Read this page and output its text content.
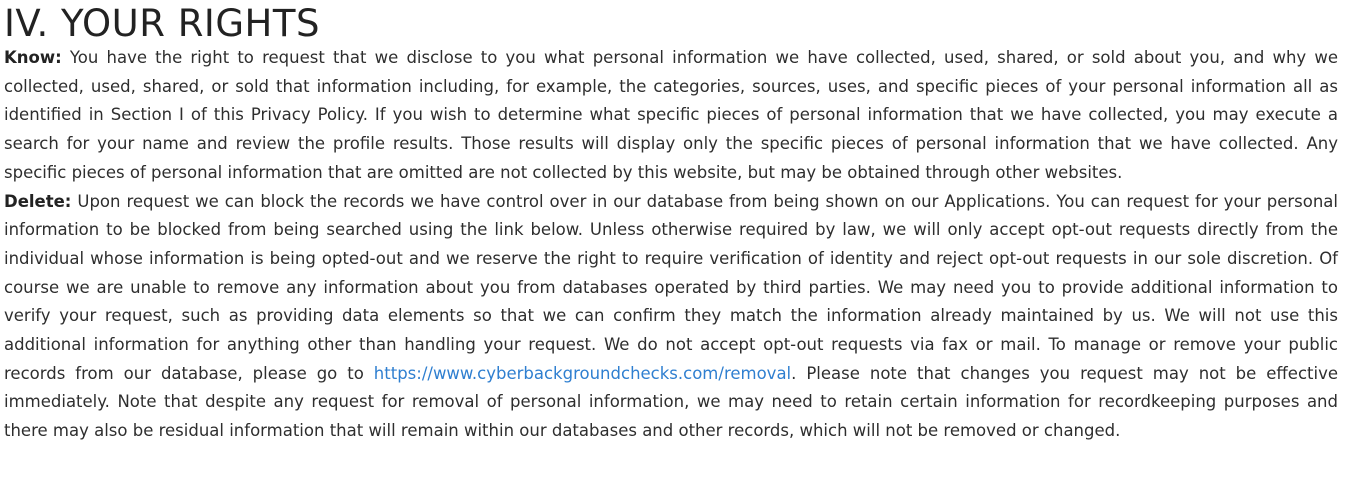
IV. YOUR RIGHTS

Know: You have the right to request that we disclose to you what personal information we have collected, used, shared, or sold about you, and why we collected, used, shared, or sold that information including, for example, the categories, sources, uses, and specific pieces of your personal information all as identified in Section I of this Privacy Policy. If you wish to determine what specific pieces of personal information that we have collected, you may execute a search for your name and review the profile results. Those results will display only the specific pieces of personal information that we have collected. Any specific pieces of personal information that are omitted are not collected by this website, but may be obtained through other websites.

Delete: Upon request we can block the records we have control over in our database from being shown on our Applications. You can request for your personal information to be blocked from being searched using the link below. Unless otherwise required by law, we will only accept opt-out requests directly from the individual whose information is being opted-out and we reserve the right to require verification of identity and reject opt-out requests in our sole discretion. Of course we are unable to remove any information about you from databases operated by third parties. We may need you to provide additional information to verify your request, such as providing data elements so that we can confirm they match the information already maintained by us. We will not use this additional information for anything other than handling your request. We do not accept opt-out requests via fax or mail. To manage or remove your public records from our database, please go to https://www.cyberbackgroundchecks.com/removal. Please note that changes you request may not be effective immediately. Note that despite any request for removal of personal information, we may need to retain certain information for recordkeeping purposes and there may also be residual information that will remain within our databases and other records, which will not be removed or changed.
